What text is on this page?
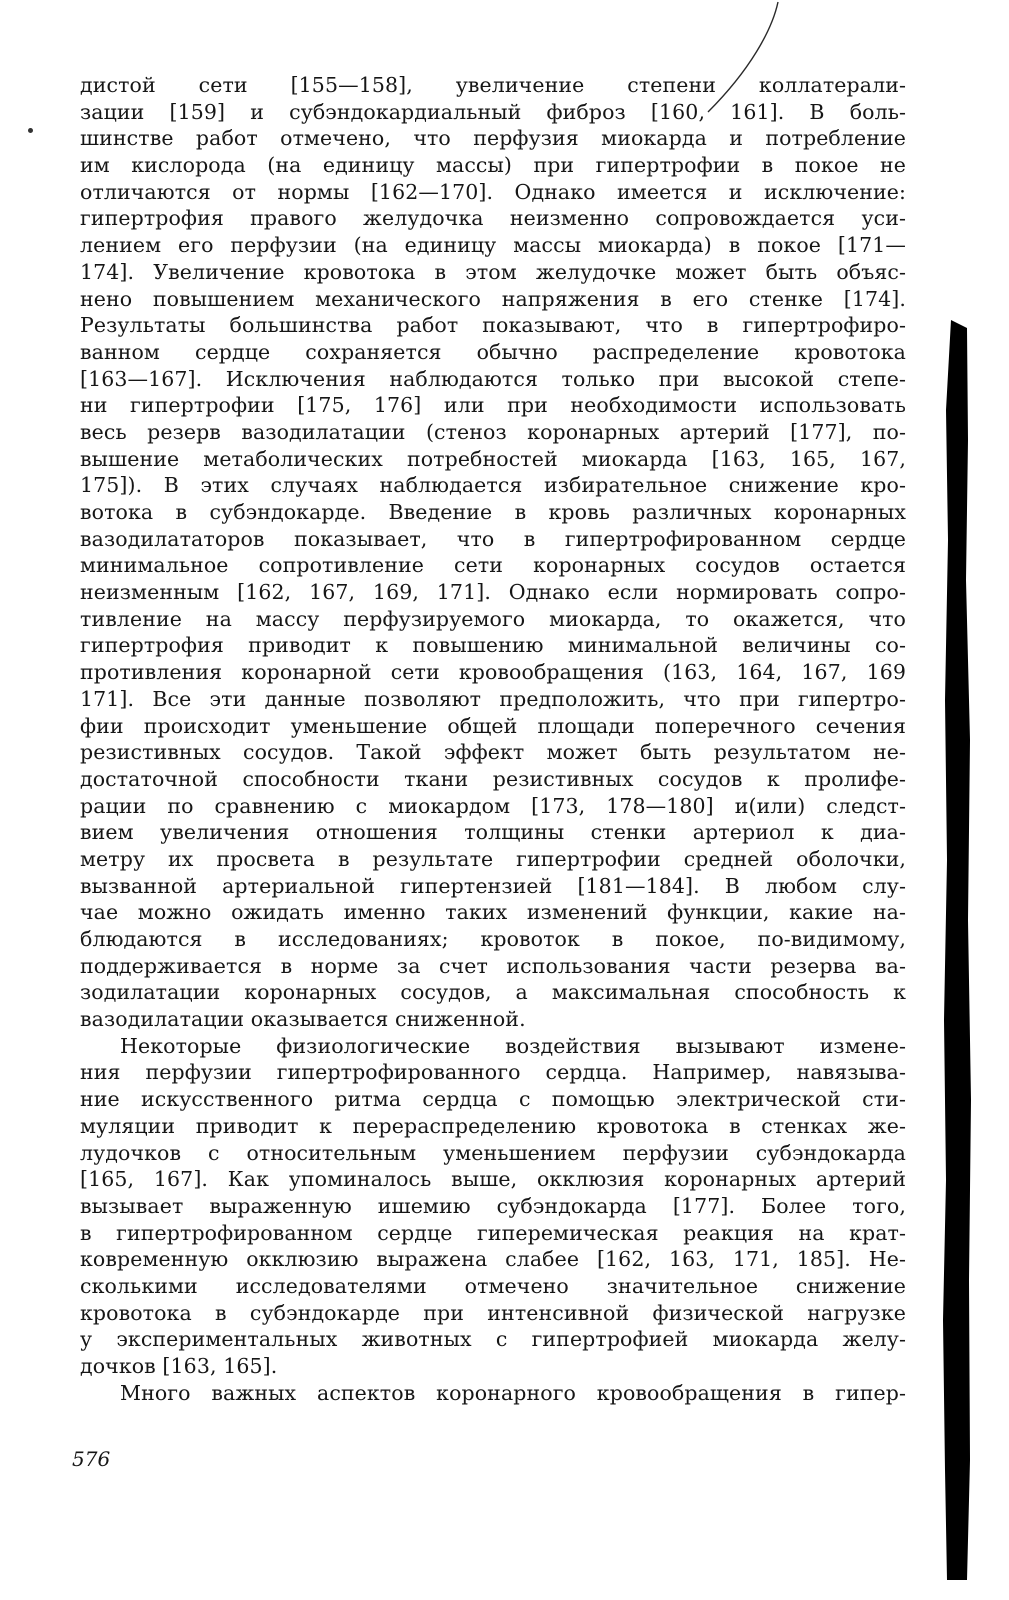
дистой сети [155—158], увеличение степени коллатерали-
зации [159] и субэндокардиальный фиброз [160, 161]. В боль-
шинстве работ отмечено, что перфузия миокарда и потребление
им кислорода (на единицу массы) при гипертрофии в покое не
отличаются от нормы [162—170]. Однако имеется и исключение:
гипертрофия правого желудочка неизменно сопровождается уси-
лением его перфузии (на единицу массы миокарда) в покое [171—
174]. Увеличение кровотока в этом желудочке может быть объяс-
нено повышением механического напряжения в его стенке [174].
Результаты большинства работ показывают, что в гипертрофиро-
ванном сердце сохраняется обычно распределение кровотока
[163—167]. Исключения наблюдаются только при высокой степе-
ни гипертрофии [175, 176] или при необходимости использовать
весь резерв вазодилатации (стеноз коронарных артерий [177], по-
вышение метаболических потребностей миокарда [163, 165, 167,
175]). В этих случаях наблюдается избирательное снижение кро-
вотока в субэндокарде. Введение в кровь различных коронарных
вазодилататоров показывает, что в гипертрофированном сердце
минимальное сопротивление сети коронарных сосудов остается
неизменным [162, 167, 169, 171]. Однако если нормировать сопро-
тивление на массу перфузируемого миокарда, то окажется, что
гипертрофия приводит к повышению минимальной величины со-
противления коронарной сети кровообращения (163, 164, 167, 169
171]. Все эти данные позволяют предположить, что при гипертро-
фии происходит уменьшение общей площади поперечного сечения
резистивных сосудов. Такой эффект может быть результатом не-
достаточной способности ткани резистивных сосудов к пролифе-
рации по сравнению с миокардом [173, 178—180] и(или) следст-
вием увеличения отношения толщины стенки артериол к диа-
метру их просвета в результате гипертрофии средней оболочки,
вызванной артериальной гипертензией [181—184]. В любом слу-
чае можно ожидать именно таких изменений функции, какие на-
блюдаются в исследованиях; кровоток в покое, по-видимому,
поддерживается в норме за счет использования части резерва ва-
зодилатации коронарных сосудов, а максимальная способность к
вазодилатации оказывается сниженной.
Некоторые физиологические воздействия вызывают измене-
ния перфузии гипертрофированного сердца. Например, навязыва-
ние искусственного ритма сердца с помощью электрической сти-
муляции приводит к перераспределению кровотока в стенках же-
лудочков с относительным уменьшением перфузии субэндокарда
[165, 167]. Как упоминалось выше, окклюзия коронарных артерий
вызывает выраженную ишемию субэндокарда [177]. Более того,
в гипертрофированном сердце гиперемическая реакция на крат-
ковременную окклюзию выражена слабее [162, 163, 171, 185]. Не-
сколькими исследователями отмечено значительное снижение
кровотока в субэндокарде при интенсивной физической нагрузке
у экспериментальных животных с гипертрофией миокарда желу-
дочков [163, 165].
Много важных аспектов коронарного кровообращения в гипер-
576
